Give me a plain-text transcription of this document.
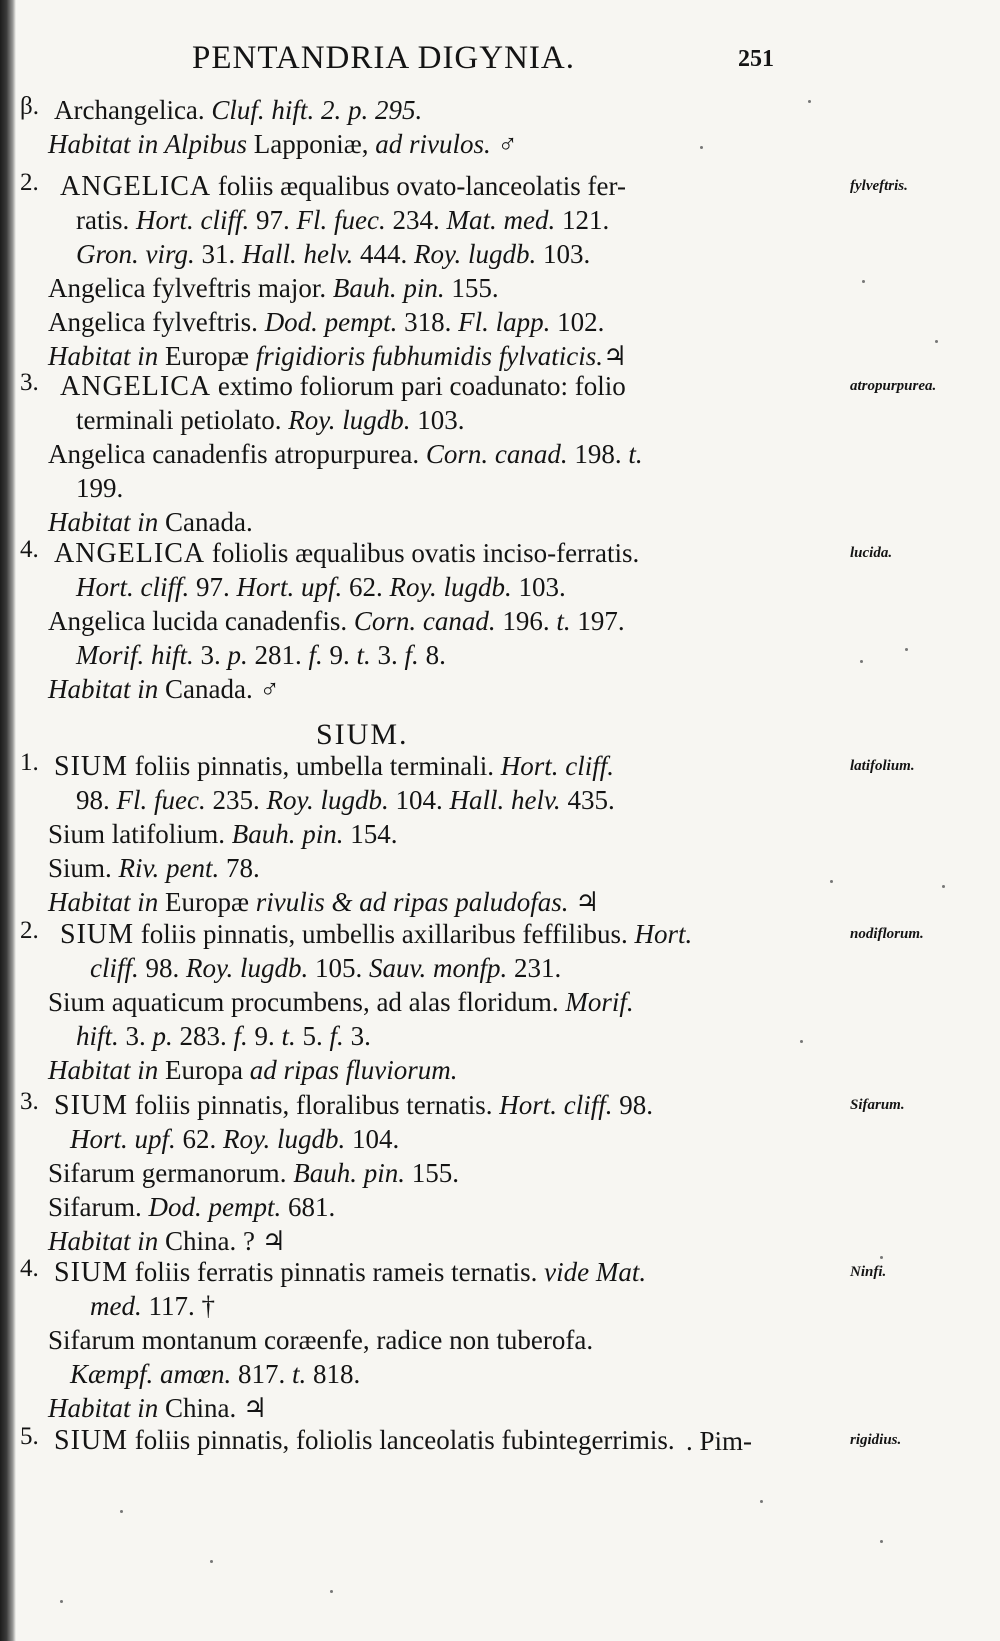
PENTANDRIA DIGYNIA.	251
β. Archangelica. Cluf. hift. 2. p. 295.
Habitat in Alpibus Lapponiæ, ad rivulos. ♂
2.	fylveftris.
ANGELICA foliis æqualibus ovato-lanceolatis fer-
ratis. Hort. cliff. 97. Fl. fuec. 234. Mat. med. 121.
Gron. virg. 31. Hall. helv. 444. Roy. lugdb. 103.
Angelica fylveftris major. Bauh. pin. 155.
Angelica fylveftris. Dod. pempt. 318. Fl. lapp. 102.
Habitat in Europæ frigidioris fubhumidis fylvaticis.♃
3.	atropurpurea.
ANGELICA extimo foliorum pari coadunato: folio
terminali petiolato. Roy. lugdb. 103.
Angelica canadenfis atropurpurea. Corn. canad. 198. t.
199.
Habitat in Canada.
4.	lucida.
ANGELICA foliolis æqualibus ovatis inciso-ferratis.
Hort. cliff. 97. Hort. upf. 62. Roy. lugdb. 103.
Angelica lucida canadenfis. Corn. canad. 196. t. 197.
Morif. hift. 3. p. 281. f. 9. t. 3. f. 8.
Habitat in Canada. ♂
1.	latifolium.
SIUM foliis pinnatis, umbella terminali. Hort. cliff.
98. Fl. fuec. 235. Roy. lugdb. 104. Hall. helv. 435.
Sium latifolium. Bauh. pin. 154.
Sium. Riv. pent. 78.
Habitat in Europæ rivulis & ad ripas paludofas. ♃
2.	nodiflorum.
SIUM foliis pinnatis, umbellis axillaribus feffilibus. Hort.
cliff. 98. Roy. lugdb. 105. Sauv. monfp. 231.
Sium aquaticum procumbens, ad alas floridum. Morif.
hift. 3. p. 283. f. 9. t. 5. f. 3.
Habitat in Europa ad ripas fluviorum.
3.	Sifarum.
SIUM foliis pinnatis, floralibus ternatis. Hort. cliff. 98.
Hort. upf. 62. Roy. lugdb. 104.
Sifarum germanorum. Bauh. pin. 155.
Sifarum. Dod. pempt. 681.
Habitat in China. ? ♃
4.	Ninfi.
SIUM foliis ferratis pinnatis rameis ternatis. vide Mat.
med. 117. †
Sifarum montanum coræenfe, radice non tuberofa.
Kæmpf. amœn. 817. t. 818.
Habitat in China. ♃
5.	rigidius.
SIUM foliis pinnatis, foliolis lanceolatis fubintegerrimis.
SIUM.
. Pim-
